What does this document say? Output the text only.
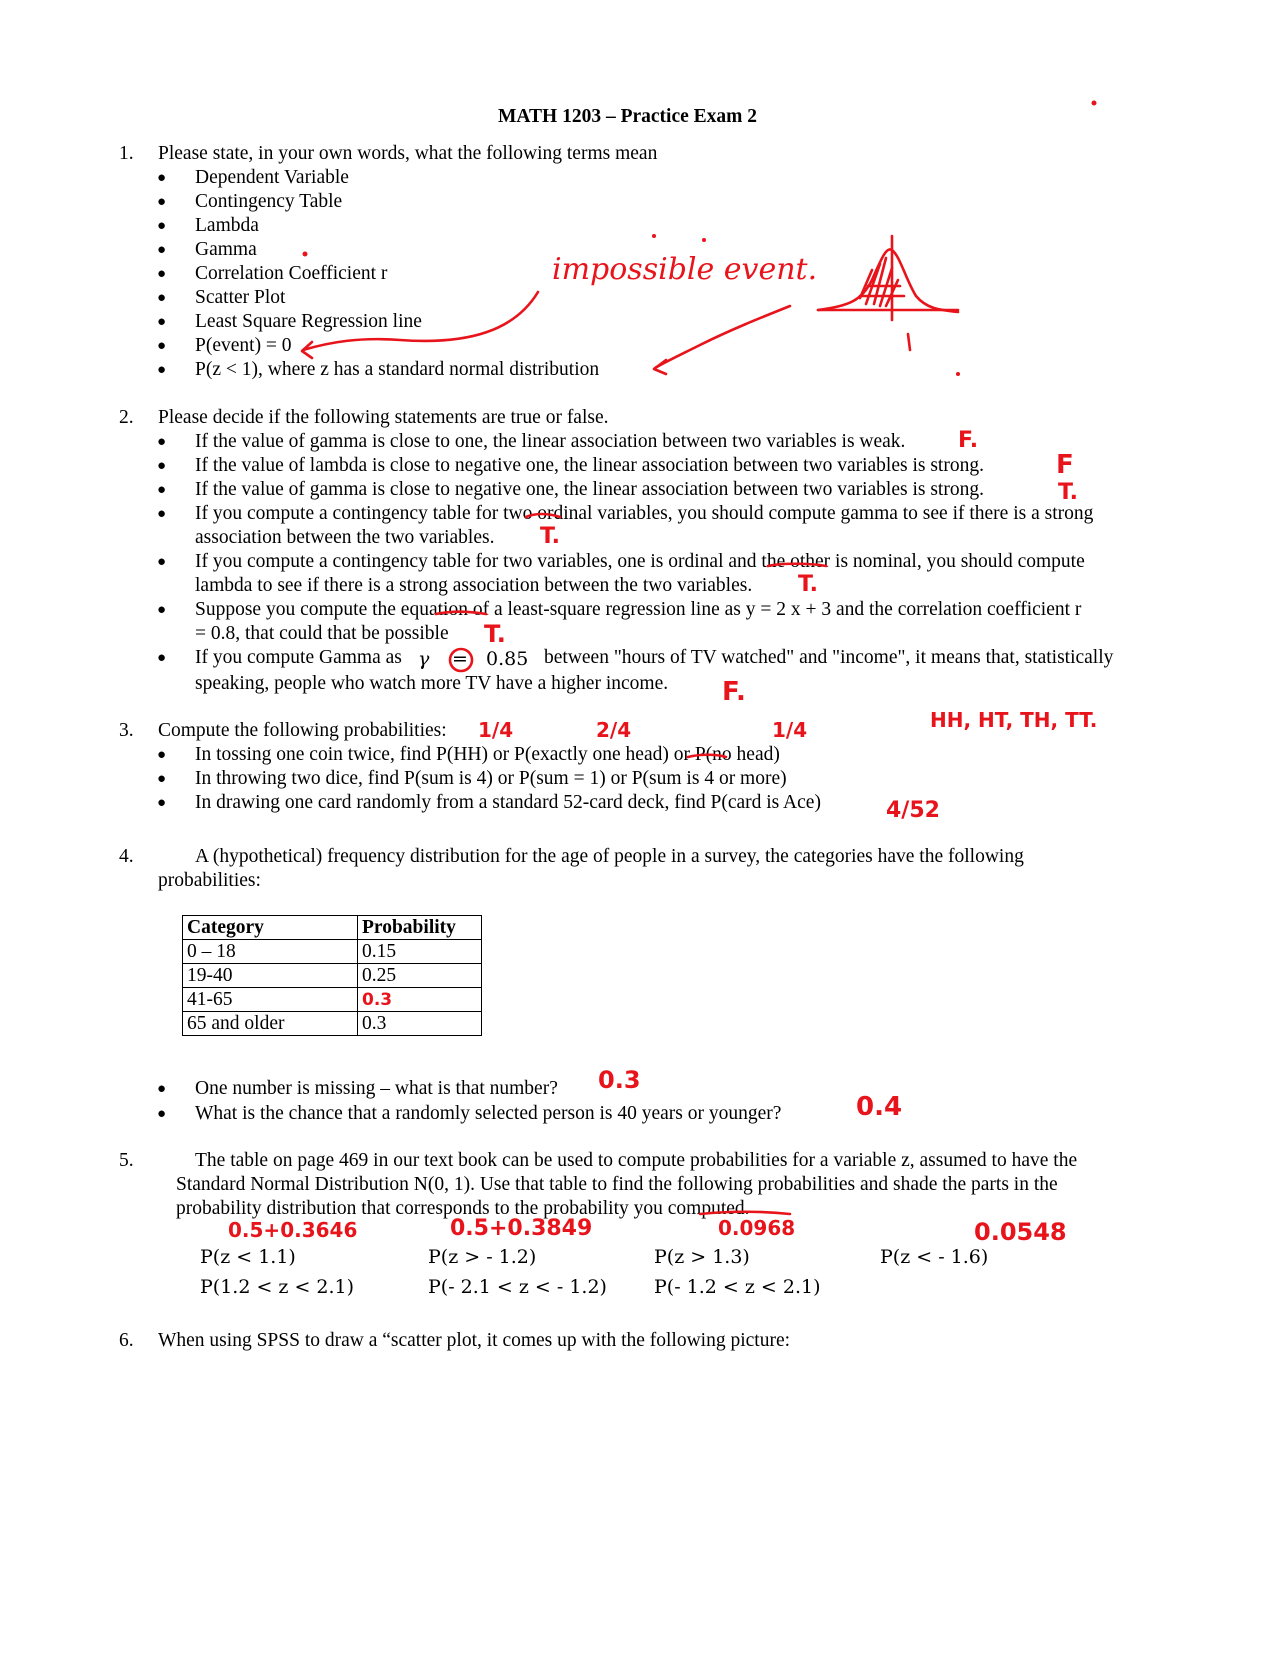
MATH 1203 – Practice Exam 2
1. Please state, in your own words, what the following terms mean
● Dependent Variable
● Contingency Table
● Lambda
● Gamma
● Correlation Coefficient r
● Scatter Plot
● Least Square Regression line
● P(event) = 0
● P(z < 1), where z has a standard normal distribution
2. Please decide if the following statements are true or false.
● If the value of gamma is close to one, the linear association between two variables is weak.
● If the value of lambda is close to negative one, the linear association between two variables is strong.
● If the value of gamma is close to negative one, the linear association between two variables is strong.
● If you compute a contingency table for two ordinal variables, you should compute gamma to see if there is a strong
association between the two variables.
● If you compute a contingency table for two variables, one is ordinal and the other is nominal, you should compute
lambda to see if there is a strong association between the two variables.
● Suppose you compute the equation of a least-square regression line as y = 2 x + 3 and the correlation coefficient r
= 0.8, that could that be possible
● If you compute Gamma as γ = 0.85 between "hours of TV watched" and "income", it means that, statistically
speaking, people who watch more TV have a higher income.
3. Compute the following probabilities:
● In tossing one coin twice, find P(HH) or P(exactly one head) or P(no head)
● In throwing two dice, find P(sum is 4) or P(sum = 1) or P(sum is 4 or more)
● In drawing one card randomly from a standard 52-card deck, find P(card is Ace)
4.	A (hypothetical) frequency distribution for the age of people in a survey, the categories have the following
probabilities:
Category	Probability
0 – 18	0.15
19-40	0.25
41-65	0.3
65 and older	0.3
● One number is missing – what is that number?
● What is the chance that a randomly selected person is 40 years or younger?
5.	The table on page 469 in our text book can be used to compute probabilities for a variable z, assumed to have the
Standard Normal Distribution N(0, 1). Use that table to find the following probabilities and shade the parts in the
probability distribution that corresponds to the probability you computed.
P(z < 1.1)	P(z > - 1.2)	P(z > 1.3)	P(z < - 1.6)
P(1.2 < z < 2.1)	P(- 2.1 < z < - 1.2) P(- 1.2 < z < 2.1)
6. When using SPSS to draw a “scatter plot, it comes up with the following picture:
impossible event.
F.
F
T.
T.
T.
T.
F.
1/4	2/4	1/4	HH, HT, TH, TT.
4/52
0.3
0.4
0.5+0.3646	0.5+0.3849	0.0968	0.0548
